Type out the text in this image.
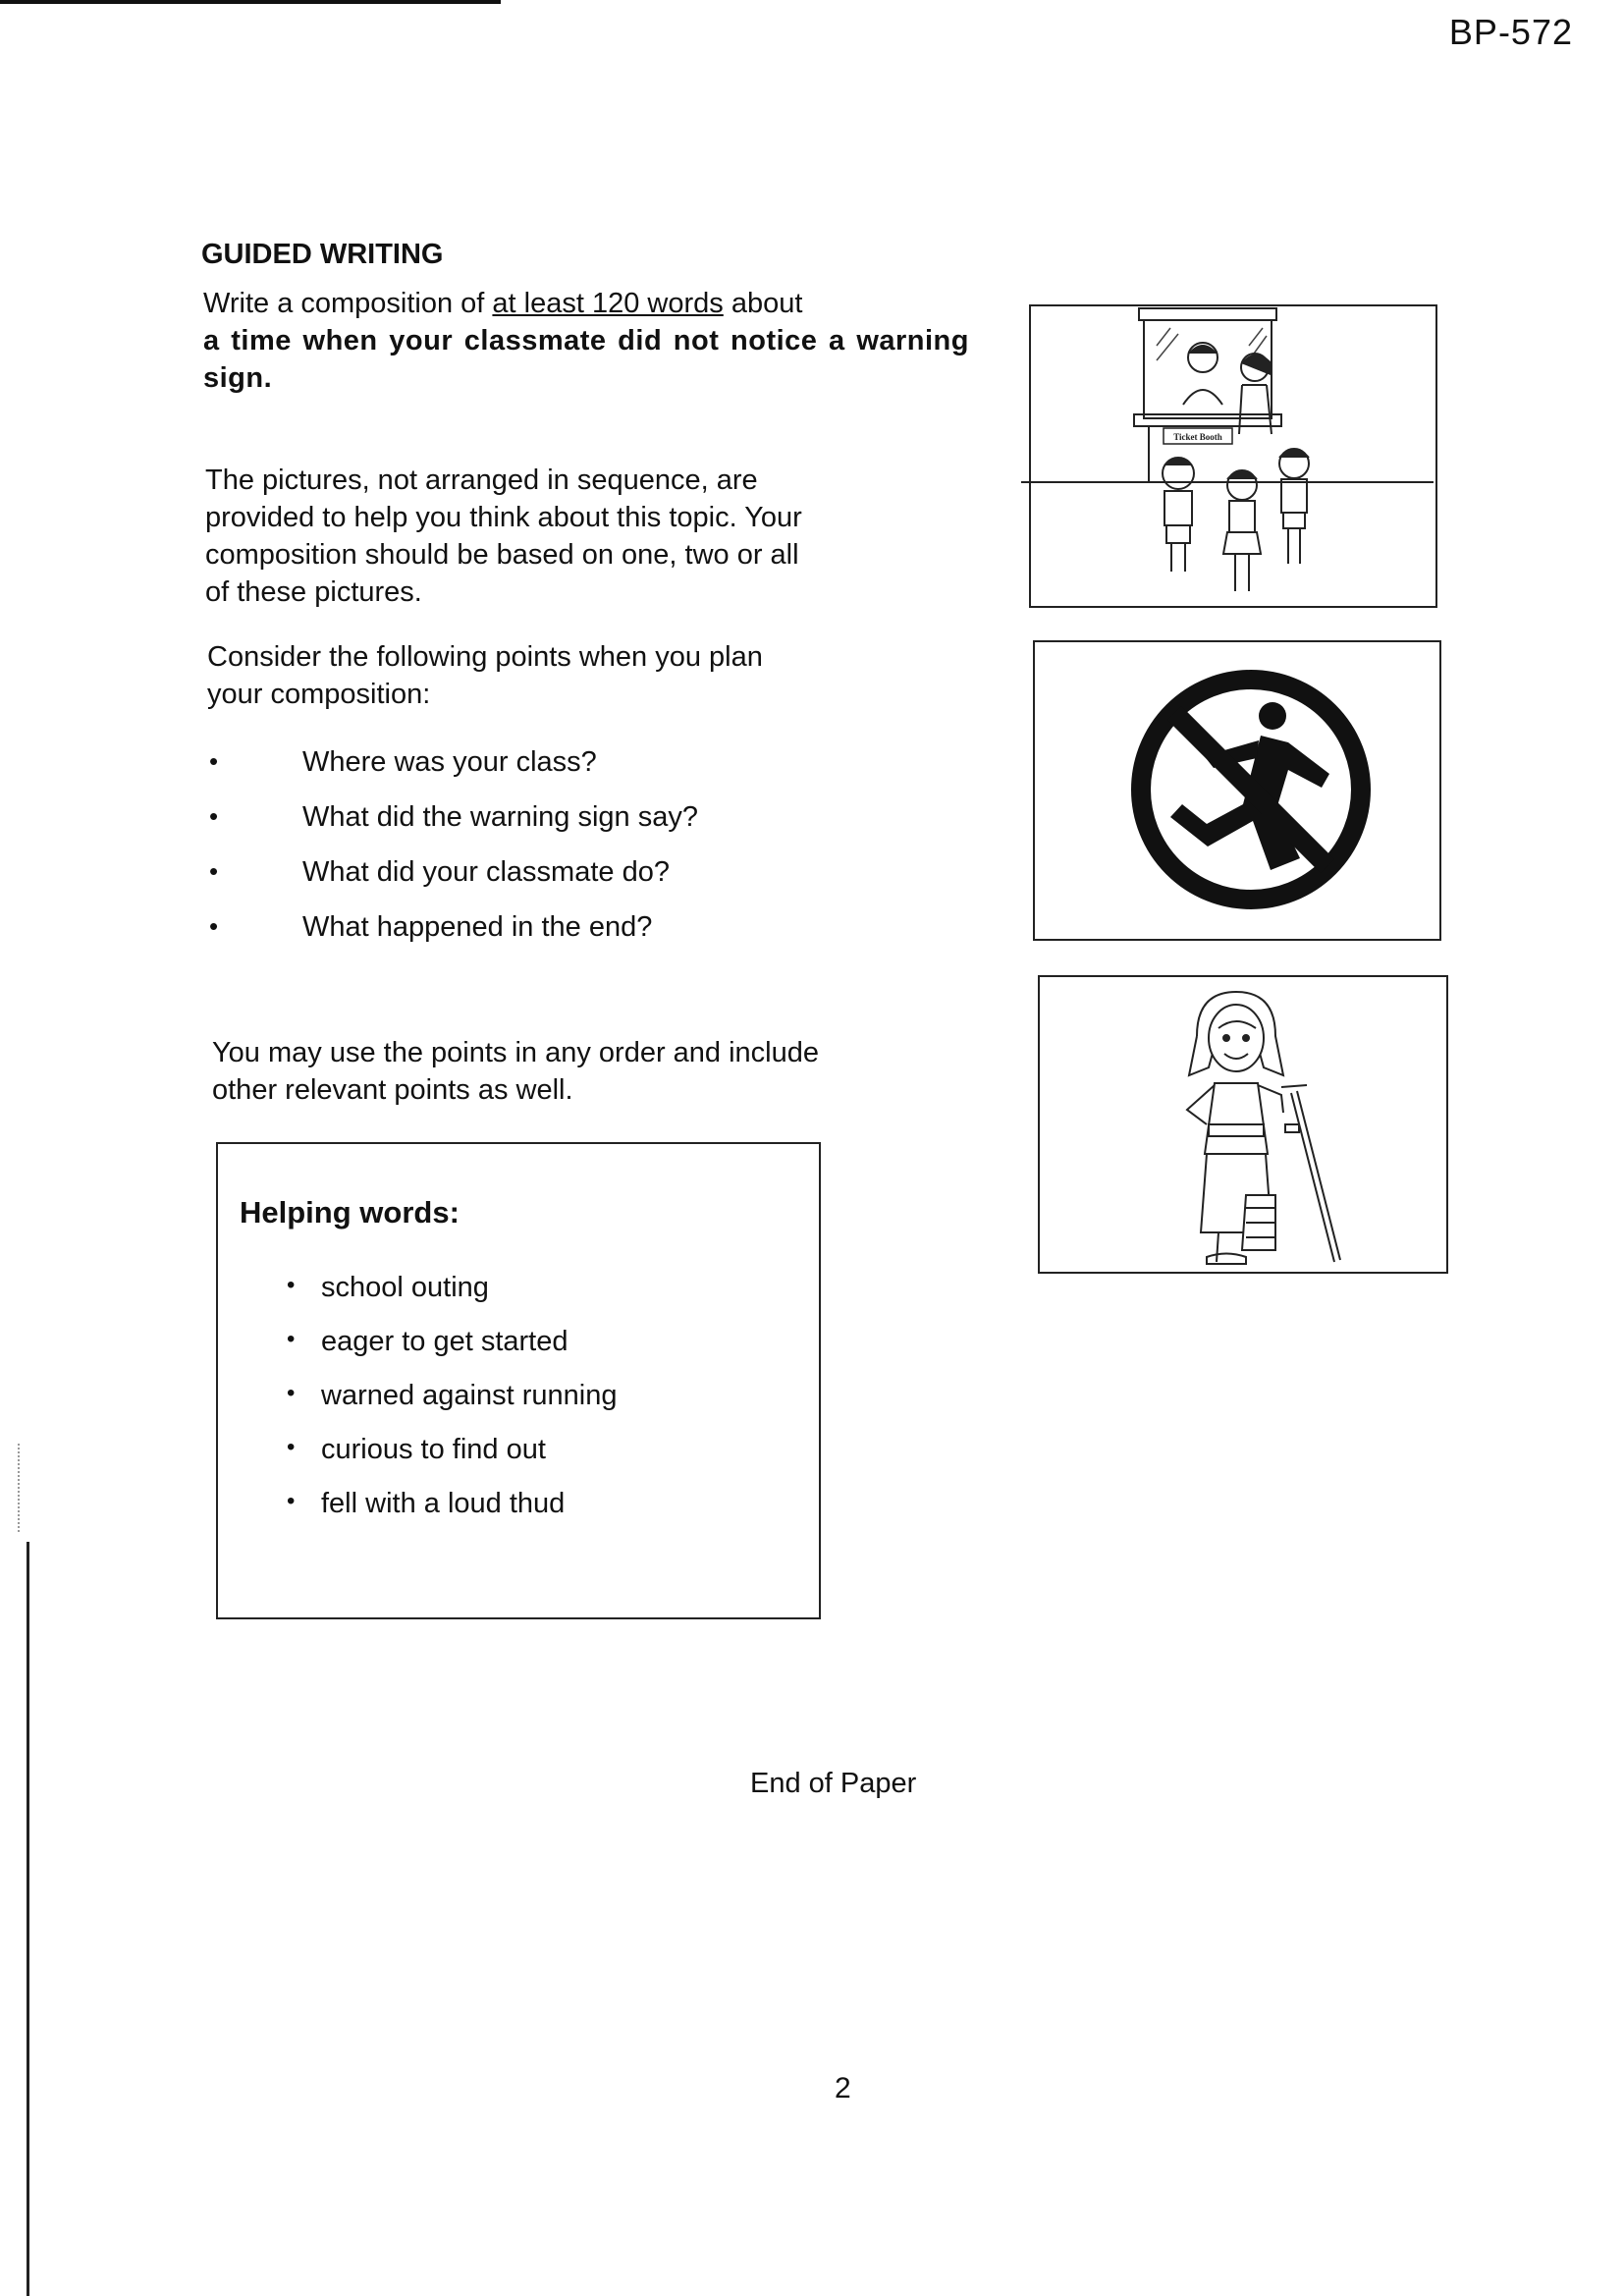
BP-572
GUIDED WRITING
Write a composition of at least 120 words about
a time when your classmate did not notice a warning sign.
The pictures, not arranged in sequence, are provided to help you think about this topic. Your composition should be based on one, two or all of these pictures.
Consider the following points when you plan your composition:
• Where was your class?
• What did the warning sign say?
• What did your classmate do?
• What happened in the end?
You may use the points in any order and include other relevant points as well.
Helping words:
• school outing
• eager to get started
• warned against running
• curious to find out
• fell with a loud thud
Ticket Booth
End of Paper
2
